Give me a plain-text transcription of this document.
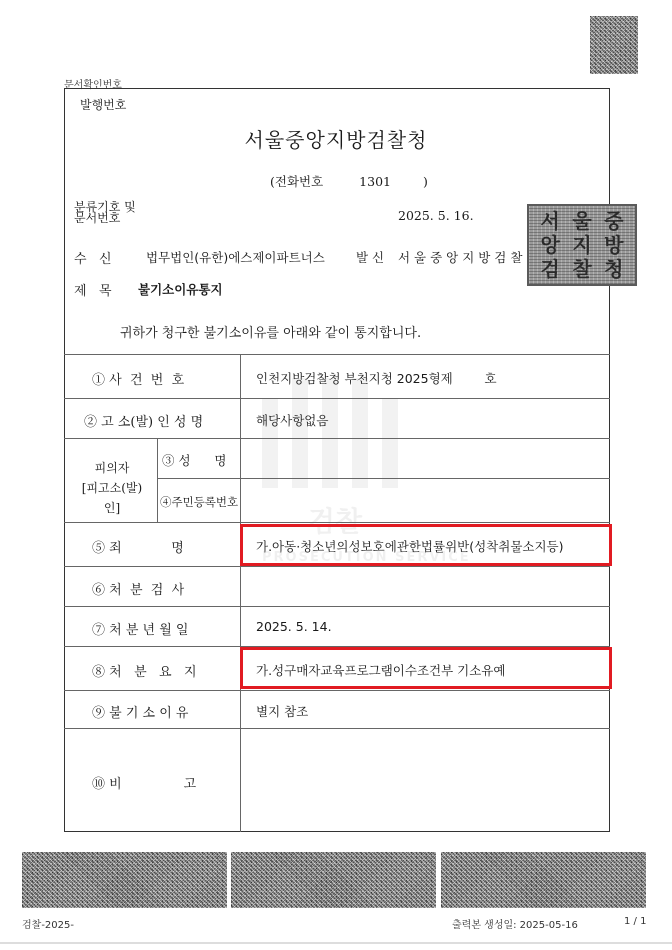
문서확인번호
발행번호
서울중앙지방검찰청
(전화번호	1301	)
분류기호 및
문서번호	2025. 5. 16.
수   신	법무법인(유한)에스제이파트너스 발 신 서 울 중 앙 지 방 검 찰
제   목 불기소이유통지
서 울 중
앙 지 방
검 찰 청
귀하가 청구한 불기소이유를 아래와 같이 통지합니다.
검찰
PROSECUTION SERVICE
① 사  건  번  호	인천지방검찰청 부천지청 2025형제        호
② 고 소(발) 인 성 명	해당사항없음
피의자
[피고소(발)인]
③ 성      명
④주민등록번호
⑤ 죄            명	가.아동·청소년의성보호에관한법률위반(성착취물소지등)
⑥ 처  분  검  사
⑦ 처 분 년 월 일	2025. 5. 14.
⑧ 처   분   요   지	가.성구매자교육프로그램이수조건부 기소유예
⑨ 불 기 소 이 유	별지 참조
⑩ 비               고
검찰-2025-	출력본 생성일: 2025-05-16	1 / 1
